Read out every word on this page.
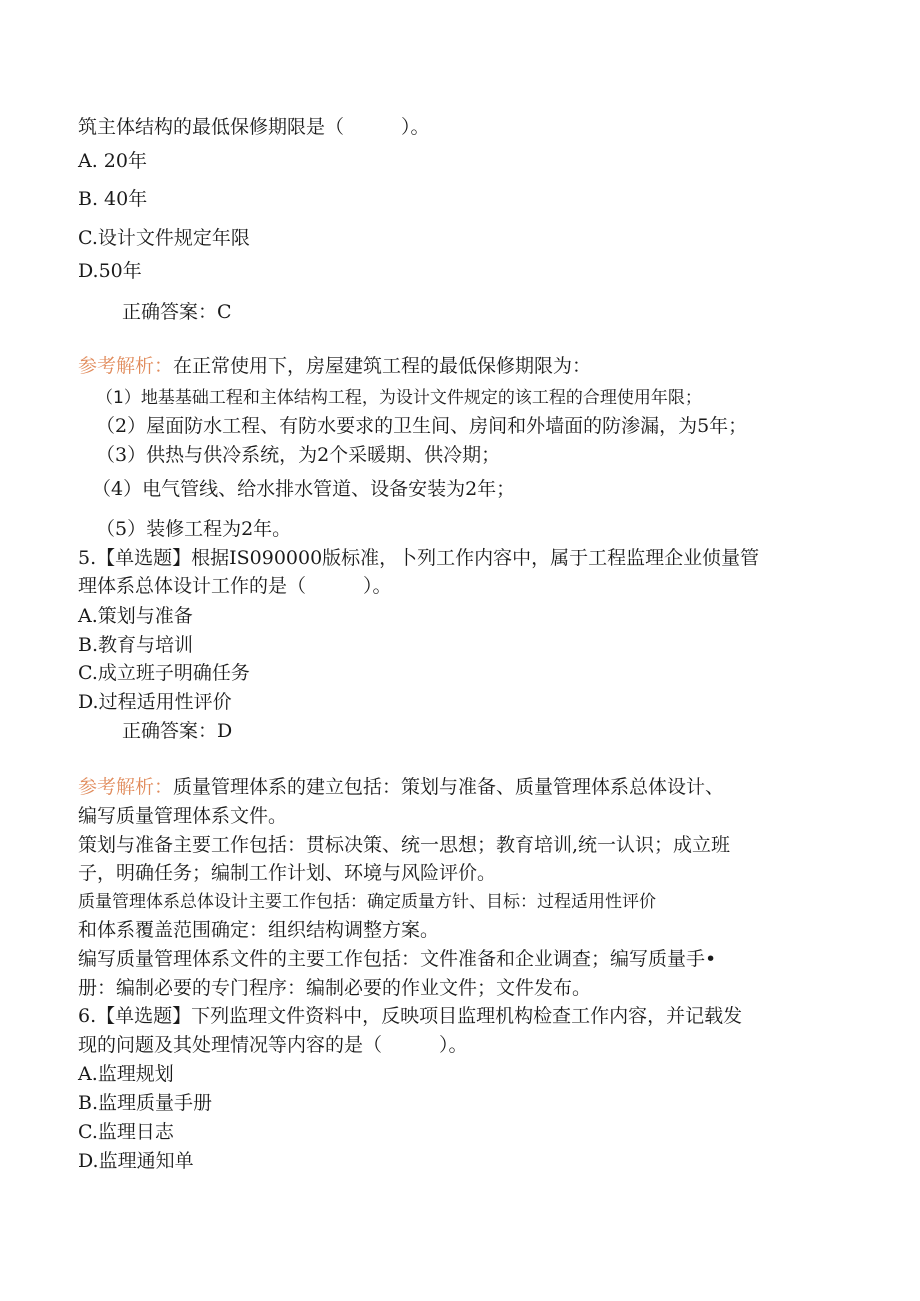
筑主体结构的最低保修期限是（　　　）。
A. 20年
B. 40年
C.设计文件规定年限
D.50年
正确答案：C
参考解析：在正常使用下，房屋建筑工程的最低保修期限为：
（1）地基基础工程和主体结构工程，为设计文件规定的该工程的合理使用年限；
（2）屋面防水工程、有防水要求的卫生间、房间和外墙面的防渗漏，为5年；
（3）供热与供冷系统，为2个采暖期、供冷期；
（4）电气管线、给水排水管道、设备安装为2年；
（5）装修工程为2年。
5.【单选题】根据IS090000版标准，卜列工作内容中，属于工程监理企业侦量管
理体系总体设计工作的是（　　　）。
A.策划与准备
B.教育与培训
C.成立班子明确任务
D.过程适用性评价
正确答案：D
参考解析：质量管理体系的建立包括：策划与准备、质量管理体系总体设计、
编写质量管理体系文件。
策划与准备主要工作包括：贯标决策、统一思想；教育培训,统一认识；成立班
子，明确任务；编制工作计划、环境与风险评价。
质量管理体系总体设计主要工作包括：确定质量方针、目标：过程适用性评价
和体系覆盖范围确定：组织结构调整方案。
编写质量管理体系文件的主要工作包括：文件准备和企业调查；编写质量手•
册：编制必要的专门程序：编制必要的作业文件；文件发布。
6.【单选题】下列监理文件资料中，反映项目监理机构检查工作内容，并记载发
现的问题及其处理情况等内容的是（　　　）。
A.监理规划
B.监理质量手册
C.监理日志
D.监理通知单
